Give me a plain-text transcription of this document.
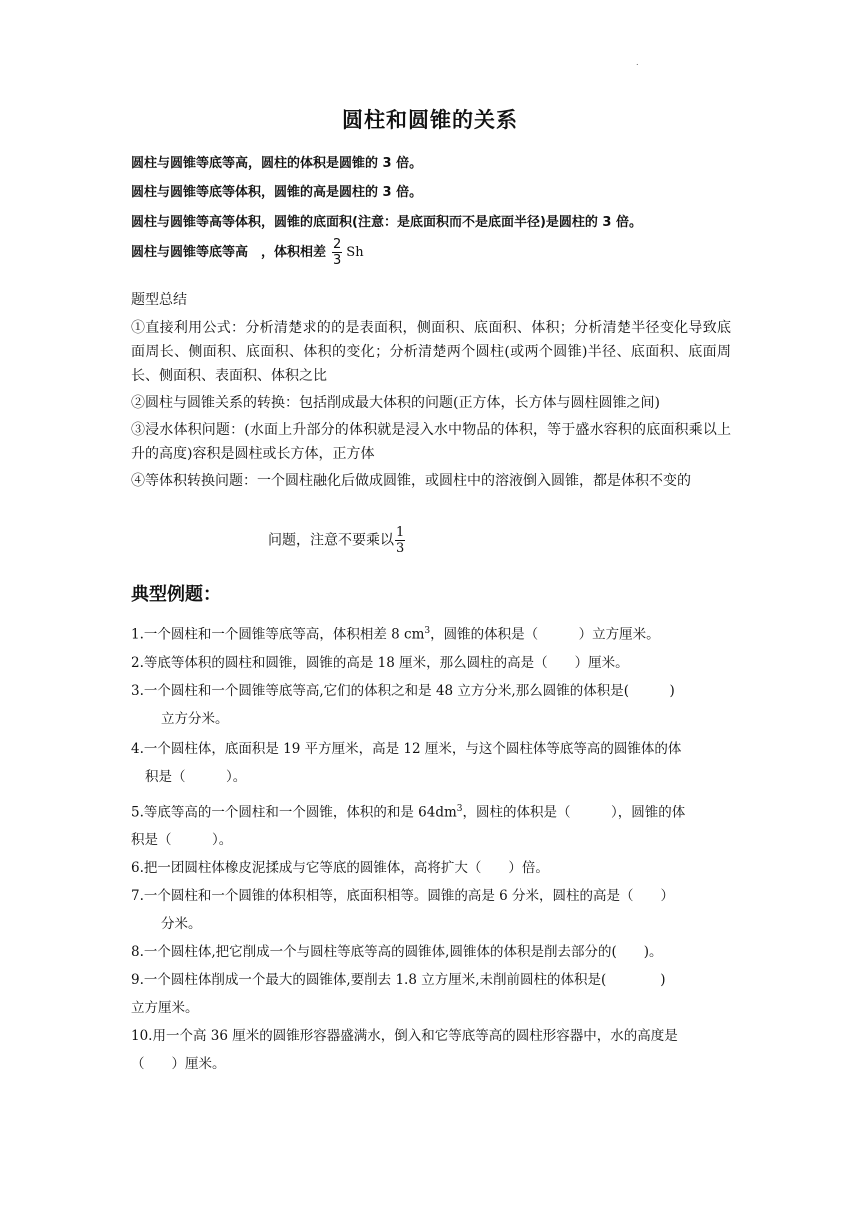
.
圆柱和圆锥的关系
圆柱与圆锥等底等高，圆柱的体积是圆锥的 3 倍。
圆柱与圆锥等底等体积，圆锥的高是圆柱的 3 倍。
圆柱与圆锥等高等体积，圆锥的底面积(注意：是底面积而不是底面半径)是圆柱的 3 倍。
圆柱与圆锥等底等高　，体积相差 $\frac{2}{3}$ Sh

题型总结

①直接利用公式：分析清楚求的的是表面积，侧面积、底面积、体积；分析清楚半径变化导致底面周长、侧面积、底面积、体积的变化；分析清楚两个圆柱(或两个圆锥)半径、底面积、底面周长、侧面积、表面积、体积之比

②圆柱与圆锥关系的转换：包括削成最大体积的问题(正方体，长方体与圆柱圆锥之间)

③浸水体积问题：(水面上升部分的体积就是浸入水中物品的体积，等于盛水容积的底面积乘以上升的高度)容积是圆柱或长方体，正方体

④等体积转换问题：一个圆柱融化后做成圆锥，或圆柱中的溶液倒入圆锥，都是体积不变的

问题，注意不要乘以 $\frac{1}{3}$
典型例题：
1.一个圆柱和一个圆锥等底等高，体积相差 8 $cm^3$，圆锥的体积是（　　　）立方厘米。
2.等底等体积的圆柱和圆锥，圆锥的高是 18 厘米，那么圆柱的高是（　　）厘米。
3.一个圆柱和一个圆锥等底等高,它们的体积之和是 48 立方分米,那么圆锥的体积是(　　　)
立方分米。
4.一个圆柱体，底面积是 19 平方厘米，高是 12 厘米，与这个圆柱体等底等高的圆锥体的体
积是（　　　）。
5.等底等高的一个圆柱和一个圆锥，体积的和是 $64dm^3$，圆柱的体积是（　　　），圆锥的体
积是（　　　）。
6.把一团圆柱体橡皮泥揉成与它等底的圆锥体，高将扩大（　　）倍。
7.一个圆柱和一个圆锥的体积相等，底面积相等。圆锥的高是 6 分米，圆柱的高是（　　）
分米。
8.一个圆柱体,把它削成一个与圆柱等底等高的圆锥体,圆锥体的体积是削去部分的(　　)。
9.一个圆柱体削成一个最大的圆锥体,要削去 1.8 立方厘米,未削前圆柱的体积是(　　　　)
立方厘米。
10.用一个高 36 厘米的圆锥形容器盛满水，倒入和它等底等高的圆柱形容器中，水的高度是
（　　）厘米。
